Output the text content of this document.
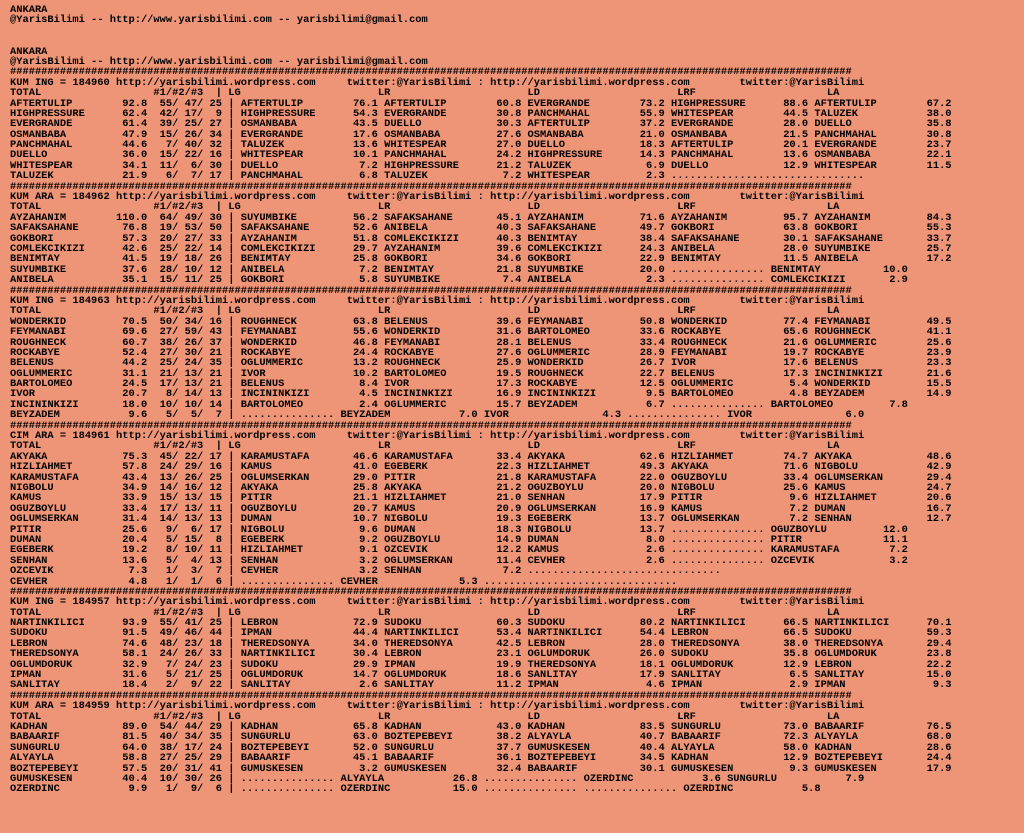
ANKARA
@YarisBilimi -- http://www.yarisbilimi.com -- yarisbilimi@gmail.com
ANKARA
@YarisBilimi -- http://www.yarisbilimi.com -- yarisbilimi@gmail.com
#######################################################################################################################################
KUM ING = 184960 http://yarisbilimi.wordpress.com     twitter:@YarisBilimi : http://yarisbilimi.wordpress.com        twitter:@YarisBilimi
TOTAL                  #1/#2/#3  | LG                      LR                      LD                      LRF                     LA
AFTERTULIP        92.8  55/ 47/ 25 | AFTERTULIP        76.1 AFTERTULIP        60.8 EVERGRANDE        73.2 HIGHPRESSURE      88.6 AFTERTULIP        67.2
HIGHPRESSURE      62.4  42/ 17/  9 | HIGHPRESSURE      54.3 EVERGRANDE        30.8 PANCHMAHAL        55.9 WHITESPEAR        44.5 TALUZEK           38.0
EVERGRANDE        61.4  39/ 25/ 27 | OSMANBABA         43.5 DUELLO            30.3 AFTERTULIP        37.2 EVERGRANDE        28.0 DUELLO            35.8
OSMANBABA         47.9  15/ 26/ 34 | EVERGRANDE        17.6 OSMANBABA         27.6 OSMANBABA         21.0 OSMANBABA         21.5 PANCHMAHAL        30.8
PANCHMAHAL        44.6   7/ 40/ 32 | TALUZEK           13.6 WHITESPEAR        27.0 DUELLO            18.3 AFTERTULIP        20.1 EVERGRANDE        23.7
DUELLO            36.0  15/ 22/ 16 | WHITESPEAR        10.1 PANCHMAHAL        24.2 HIGHPRESSURE      14.3 PANCHMAHAL        13.6 OSMANBABA         22.1
WHITESPEAR        34.1  11/  6/ 30 | DUELLO             7.2 HIGHPRESSURE      21.2 TALUZEK            6.9 DUELLO            12.9 WHITESPEAR        11.5
TALUZEK           21.9   6/  7/ 17 | PANCHMAHAL         6.8 TALUZEK            7.2 WHITESPEAR         2.3 ...............................
#######################################################################################################################################
KUM ARA = 184962 http://yarisbilimi.wordpress.com     twitter:@YarisBilimi : http://yarisbilimi.wordpress.com        twitter:@YarisBilimi
TOTAL                  #1/#2/#3  | LG                      LR                      LD                      LRF                     LA
AYZAHANIM        110.0  64/ 49/ 30 | SUYUMBIKE         56.2 SAFAKSAHANE       45.1 AYZAHANIM         71.6 AYZAHANIM         95.7 AYZAHANIM         84.3
SAFAKSAHANE       76.8  19/ 53/ 50 | SAFAKSAHANE       52.6 ANIBELA           40.3 SAFAKSAHANE       49.7 GOKBORI           63.8 GOKBORI           55.3
GOKBORI           57.3  20/ 27/ 33 | AYZAHANIM         51.8 COMLEKCIKIZI      40.3 BENIMTAY          38.4 SAFAKSAHANE       30.1 SAFAKSAHANE       33.7
COMLEKCIKIZI      42.6  25/ 22/ 14 | COMLEKCIKIZI      29.7 AYZAHANIM         39.6 COMLEKCIKIZI      24.3 ANIBELA           28.0 SUYUMBIKE         25.7
BENIMTAY          41.5  19/ 18/ 26 | BENIMTAY          25.8 GOKBORI           34.6 GOKBORI           22.9 BENIMTAY          11.5 ANIBELA           17.2
SUYUMBIKE         37.6  28/ 10/ 12 | ANIBELA            7.2 BENIMTAY          21.8 SUYUMBIKE         20.0 ............... BENIMTAY          10.0
ANIBELA           35.1  15/ 11/ 25 | GOKBORI            5.8 SUYUMBIKE          7.4 ANIBELA            2.3 ............... COMLEKCIKIZI       2.9
#######################################################################################################################################
KUM ING = 184963 http://yarisbilimi.wordpress.com     twitter:@YarisBilimi : http://yarisbilimi.wordpress.com        twitter:@YarisBilimi
TOTAL                  #1/#2/#3  | LG                      LR                      LD                      LRF                     LA
WONDERKID         70.5  50/ 34/ 16 | ROUGHNECK         63.8 BELENUS           39.6 FEYMANABI         50.8 WONDERKID         77.4 FEYMANABI         49.5
FEYMANABI         69.6  27/ 59/ 43 | FEYMANABI         55.6 WONDERKID         31.6 BARTOLOMEO        33.6 ROCKABYE          65.6 ROUGHNECK         41.1
ROUGHNECK         60.7  38/ 26/ 37 | WONDERKID         46.8 FEYMANABI         28.1 BELENUS           33.4 ROUGHNECK         21.6 OGLUMMERIC        25.6
ROCKABYE          52.4  27/ 30/ 21 | ROCKABYE          24.4 ROCKABYE          27.6 OGLUMMERIC        28.9 FEYMANABI         19.7 ROCKABYE          23.9
BELENUS           44.2  25/ 24/ 35 | OGLUMMERIC        13.2 ROUGHNECK         25.9 WONDERKID         26.7 IVOR              17.6 BELENUS           23.3
OGLUMMERIC        31.1  21/ 13/ 21 | IVOR              10.2 BARTOLOMEO        19.5 ROUGHNECK         22.7 BELENUS           17.3 INCININKIZI       21.6
BARTOLOMEO        24.5  17/ 13/ 21 | BELENUS            8.4 IVOR              17.3 ROCKABYE          12.5 OGLUMMERIC         5.4 WONDERKID         15.5
IVOR              20.7   8/ 14/ 13 | INCININKIZI        4.5 INCININKIZI       16.9 INCININKIZI        9.5 BARTOLOMEO         4.8 BEYZADEM          14.9
INCININKIZI       18.0  10/ 10/ 14 | BARTOLOMEO         2.4 OGLUMMERIC        15.7 BEYZADEM           6.7 ............... BARTOLOMEO         7.8
BEYZADEM           9.6   5/  5/  7 | ............... BEYZADEM           7.0 IVOR               4.3 ............... IVOR               6.0
#######################################################################################################################################
CIM ARA = 184961 http://yarisbilimi.wordpress.com     twitter:@YarisBilimi : http://yarisbilimi.wordpress.com        twitter:@YarisBilimi
TOTAL                  #1/#2/#3  | LG                      LR                      LD                      LRF                     LA
AKYAKA            75.3  45/ 22/ 17 | KARAMUSTAFA       46.6 KARAMUSTAFA       33.4 AKYAKA            62.6 HIZLIAHMET        74.7 AKYAKA            48.6
HIZLIAHMET        57.8  24/ 29/ 16 | KAMUS             41.0 EGEBERK           22.3 HIZLIAHMET        49.3 AKYAKA            71.6 NIGBOLU           42.9
KARAMUSTAFA       43.4  13/ 26/ 25 | OGLUMSERKAN       29.0 PITIR             21.8 KARAMUSTAFA       22.0 OGUZBOYLU         33.4 OGLUMSERKAN       29.4
NIGBOLU           34.9  14/ 16/ 12 | AKYAKA            25.8 AKYAKA            21.2 OGUZBOYLU         20.0 NIGBOLU           25.6 KAMUS             24.7
KAMUS             33.9  15/ 13/ 15 | PITIR             21.1 HIZLIAHMET        21.0 SENHAN            17.9 PITIR              9.6 HIZLIAHMET        20.6
OGUZBOYLU         33.4  17/ 13/ 11 | OGUZBOYLU         20.7 KAMUS             20.9 OGLUMSERKAN       16.9 KAMUS              7.2 DUMAN             16.7
OGLUMSERKAN       31.4  14/ 13/ 13 | DUMAN             10.7 NIGBOLU           19.3 EGEBERK           13.7 OGLUMSERKAN        7.2 SENHAN            12.7
PITIR             25.6   9/  6/ 17 | NIGBOLU            9.6 DUMAN             18.3 NIGBOLU           13.7 ............... OGUZBOYLU         12.0
DUMAN             20.4   5/ 15/  8 | EGEBERK            9.2 OGUZBOYLU         14.9 DUMAN              8.0 ............... PITIR             11.1
EGEBERK           19.2   8/ 10/ 11 | HIZLIAHMET         9.1 OZCEVIK           12.2 KAMUS              2.6 ............... KARAMUSTAFA        7.2
SENHAN            13.6   5/  4/ 13 | SENHAN             3.2 OGLUMSERKAN       11.4 CEVHER             2.6 ............... OZCEVIK            3.2
OZCEVIK            7.3   1/  3/  7 | CEVHER             3.2 SENHAN             7.2 ...............................
CEVHER             4.8   1/  1/  6 | ............... CEVHER             5.3 ...............................
#######################################################################################################################################
KUM ING = 184957 http://yarisbilimi.wordpress.com     twitter:@YarisBilimi : http://yarisbilimi.wordpress.com        twitter:@YarisBilimi
TOTAL                  #1/#2/#3  | LG                      LR                      LD                      LRF                     LA
NARTINKILICI      93.9  55/ 41/ 25 | LEBRON            72.9 SUDOKU            60.3 SUDOKU            80.2 NARTINKILICI      66.5 NARTINKILICI      70.1
SUDOKU            91.5  49/ 46/ 44 | IPMAN             44.4 NARTINKILICI      53.4 NARTINKILICI      54.4 LEBRON            66.5 SUDOKU            59.3
LEBRON            74.6  48/ 23/ 18 | THEREDSONYA       34.0 THEREDSONYA       42.5 LEBRON            28.0 THEREDSONYA       38.0 THEREDSONYA       29.4
THEREDSONYA       58.1  24/ 26/ 33 | NARTINKILICI      30.4 LEBRON            23.1 OGLUMDORUK        26.0 SUDOKU            35.8 OGLUMDORUK        23.8
OGLUMDORUK        32.9   7/ 24/ 23 | SUDOKU            29.9 IPMAN             19.9 THEREDSONYA       18.1 OGLUMDORUK        12.9 LEBRON            22.2
IPMAN             31.6   5/ 21/ 25 | OGLUMDORUK        14.7 OGLUMDORUK        18.6 SANLITAY          17.9 SANLITAY           6.5 SANLITAY          15.0
SANLITAY          18.4   2/  9/ 22 | SANLITAY           2.6 SANLITAY          11.2 IPMAN              4.6 IPMAN              2.9 IPMAN              9.3
#######################################################################################################################################
KUM ARA = 184959 http://yarisbilimi.wordpress.com     twitter:@YarisBilimi : http://yarisbilimi.wordpress.com        twitter:@YarisBilimi
TOTAL                  #1/#2/#3  | LG                      LR                      LD                      LRF                     LA
KADHAN            89.0  54/ 44/ 29 | KADHAN            65.8 KADHAN            43.0 KADHAN            83.5 SUNGURLU          73.0 BABAARIF          76.5
BABAARIF          81.5  40/ 34/ 35 | SUNGURLU          63.0 BOZTEPEBEYI       38.2 ALYAYLA           40.7 BABAARIF          72.3 ALYAYLA           68.0
SUNGURLU          64.0  38/ 17/ 24 | BOZTEPEBEYI       52.0 SUNGURLU          37.7 GUMUSKESEN        40.4 ALYAYLA           58.0 KADHAN            28.6
ALYAYLA           58.8  27/ 25/ 29 | BABAARIF          45.1 BABAARIF          36.1 BOZTEPEBEYI       34.5 KADHAN            12.9 BOZTEPEBEYI       24.4
BOZTEPEBEYI       57.5  20/ 31/ 41 | GUMUSKESEN         3.2 GUMUSKESEN        32.4 BABAARIF          30.1 GUMUSKESEN         9.3 GUMUSKESEN        17.9
GUMUSKESEN        40.4  10/ 30/ 26 | ............... ALYAYLA           26.8 ............... OZERDINC           3.6 SUNGURLU           7.9
OZERDINC           9.9   1/  9/  6 | ............... OZERDINC          15.0 ............... ............... OZERDINC           5.8
